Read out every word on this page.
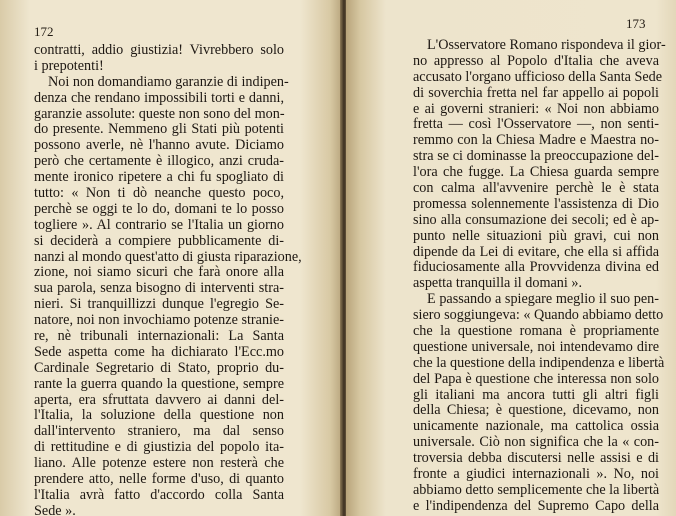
172
contratti, addio giustizia! Vivrebbero solo
i prepotenti!
Noi non domandiamo garanzie di indipen-
denza che rendano impossibili torti e danni,
garanzie assolute: queste non sono del mon-
do presente. Nemmeno gli Stati più potenti
possono averle, nè l'hanno avute. Diciamo
però che certamente è illogico, anzi cruda-
mente ironico ripetere a chi fu spogliato di
tutto: « Non ti dò neanche questo poco,
perchè se oggi te lo do, domani te lo posso
togliere ». Al contrario se l'Italia un giorno
si deciderà a compiere pubblicamente di-
nanzi al mondo quest'atto di giusta riparazione,
zione, noi siamo sicuri che farà onore alla
sua parola, senza bisogno di interventi stra-
nieri. Si tranquillizzi dunque l'egregio Se-
natore, noi non invochiamo potenze stranie-
re, nè tribunali internazionali: La Santa
Sede aspetta come ha dichiarato l'Ecc.mo
Cardinale Segretario di Stato, proprio du-
rante la guerra quando la questione, sempre
aperta, era sfruttata davvero ai danni del-
l'Italia, la soluzione della questione non
dall'intervento straniero, ma dal senso
di rettitudine e di giustizia del popolo ita-
liano. Alle potenze estere non resterà che
prendere atto, nelle forme d'uso, di quanto
l'Italia avrà fatto d'accordo colla Santa
Sede ».
173
L'Osservatore Romano rispondeva il gior-
no appresso al Popolo d'Italia che aveva
accusato l'organo ufficioso della Santa Sede
di soverchia fretta nel far appello ai popoli
e ai governi stranieri: « Noi non abbiamo
fretta — così l'Osservatore —, non senti-
remmo con la Chiesa Madre e Maestra no-
stra se ci dominasse la preoccupazione del-
l'ora che fugge. La Chiesa guarda sempre
con calma all'avvenire perchè le è stata
promessa solennemente l'assistenza di Dio
sino alla consumazione dei secoli; ed è ap-
punto nelle situazioni più gravi, cui non
dipende da Lei di evitare, che ella si affida
fiduciosamente alla Provvidenza divina ed
aspetta tranquilla il domani ».
E passando a spiegare meglio il suo pen-
siero soggiungeva: « Quando abbiamo detto
che la questione romana è propriamente
questione universale, noi intendevamo dire
che la questione della indipendenza e libertà
del Papa è questione che interessa non solo
gli italiani ma ancora tutti gli altri figli
della Chiesa; è questione, dicevamo, non
unicamente nazionale, ma cattolica ossia
universale. Ciò non significa che la « con-
troversia debba discutersi nelle assisi e di
fronte a giudici internazionali ». No, noi
abbiamo detto semplicemente che la libertà
e l'indipendenza del Supremo Capo della
